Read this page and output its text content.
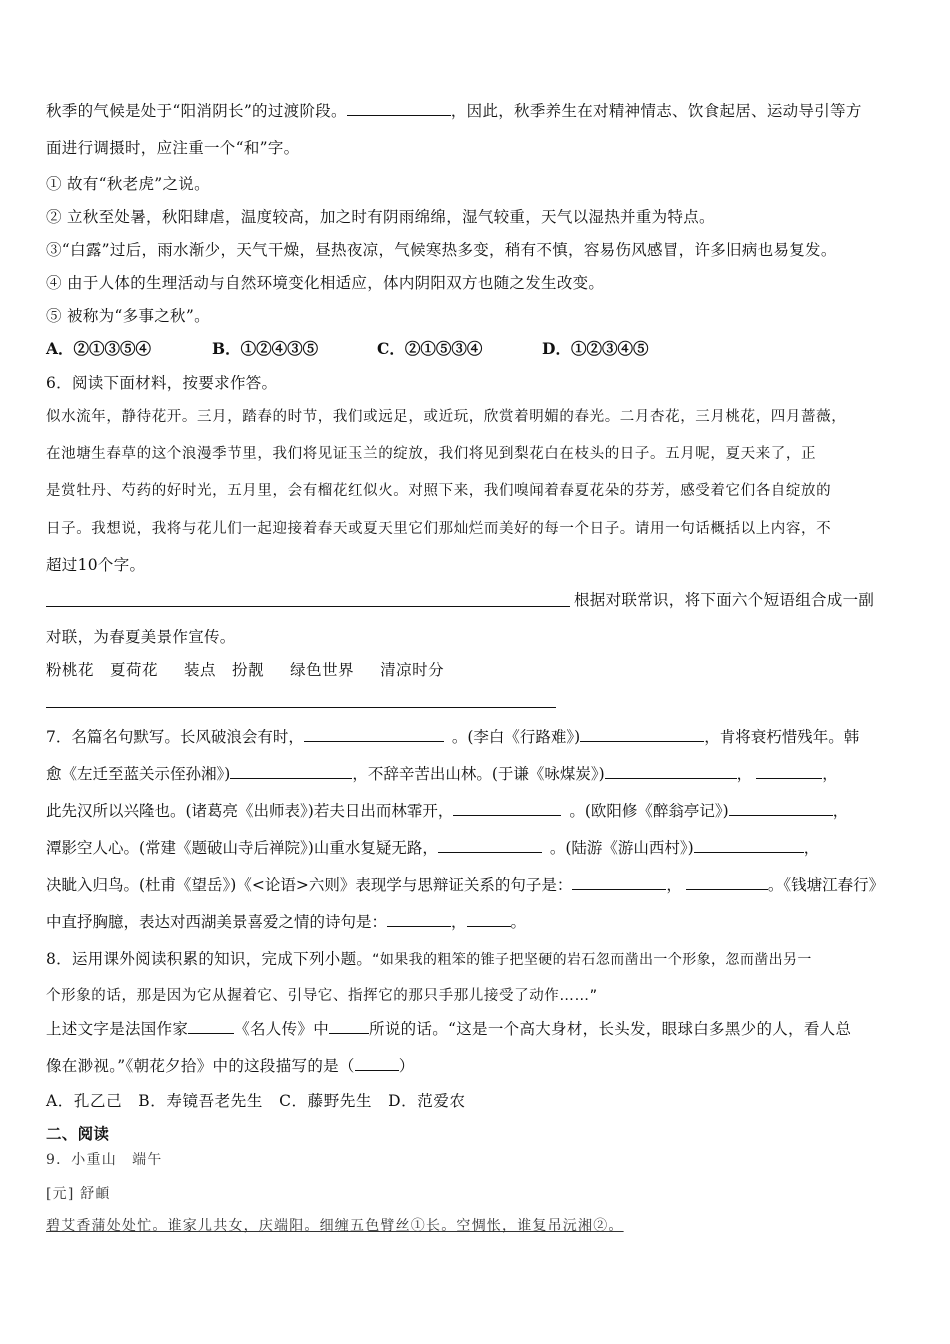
秋季的气候是处于“阳消阴长”的过渡阶段。	，因此，秋季养生在对精神情志、饮食起居、运动导引等方
面进行调摄时，应注重一个“和”字。
① 故有“秋老虎”之说。
② 立秋至处暑，秋阳肆虐，温度较高，加之时有阴雨绵绵，湿气较重，天气以湿热并重为特点。
③“白露”过后，雨水渐少，天气干燥，昼热夜凉，气候寒热多变，稍有不慎，容易伤风感冒，许多旧病也易复发。
④ 由于人体的生理活动与自然环境变化相适应，体内阴阳双方也随之发生改变。
⑤ 被称为“多事之秋”。
A．②①③⑤④	B．①②④③⑤	C．②①⑤③④	D．①②③④⑤
6．阅读下面材料，按要求作答。
似水流年，静待花开。三月，踏春的时节，我们或远足，或近玩，欣赏着明媚的春光。二月杏花，三月桃花，四月蔷薇，
在池塘生春草的这个浪漫季节里，我们将见证玉兰的绽放，我们将见到梨花白在枝头的日子。五月呢，夏天来了，正
是赏牡丹、芍药的好时光，五月里，会有榴花红似火。对照下来，我们嗅闻着春夏花朵的芬芳，感受着它们各自绽放的
日子。我想说，我将与花儿们一起迎接着春天或夏天里它们那灿烂而美好的每一个日子。请用一句话概括以上内容，不
超过10个字。
根据对联常识，将下面六个短语组合成一副
对联，为春夏美景作宣传。
粉桃花 夏荷花 装点 扮靓 绿色世界 清凉时分
7．名篇名句默写。长风破浪会有时，	。(李白《行路难》)	，肯将衰朽惜残年。韩
愈《左迁至蓝关示侄孙湘》)	，不辞辛苦出山林。(于谦《咏煤炭》)	，	，
此先汉所以兴隆也。(诸葛亮《出师表》)若夫日出而林霏开，	。(欧阳修《醉翁亭记》)	，
潭影空人心。(常建《题破山寺后禅院》)山重水复疑无路，	。(陆游《游山西村》)	，
决眦入归鸟。(杜甫《望岳》)《<论语>六则》表现学与思辩证关系的句子是：	，	。《钱塘江春行》
中直抒胸臆，表达对西湖美景喜爱之情的诗句是：	，	。
8．运用课外阅读积累的知识，完成下列小题。“如果我的粗笨的锥子把坚硬的岩石忽而凿出一个形象，忽而凿出另一
个形象的话，那是因为它从握着它、引导它、指挥它的那只手那儿接受了动作……”
上述文字是法国作家	《名人传》中	所说的话。“这是一个高大身材，长头发，眼球白多黑少的人，看人总
像在渺视。”《朝花夕拾》中的这段描写的是（	）
A．孔乙己　B．寿镜吾老先生　C．藤野先生　D．范爱农
二、阅读
9．小重山　端午
[元] 舒頔
碧艾香蒲处处忙。谁家儿共女，庆端阳。细缠五色臂丝①长。空惆怅，谁复吊沅湘②。
